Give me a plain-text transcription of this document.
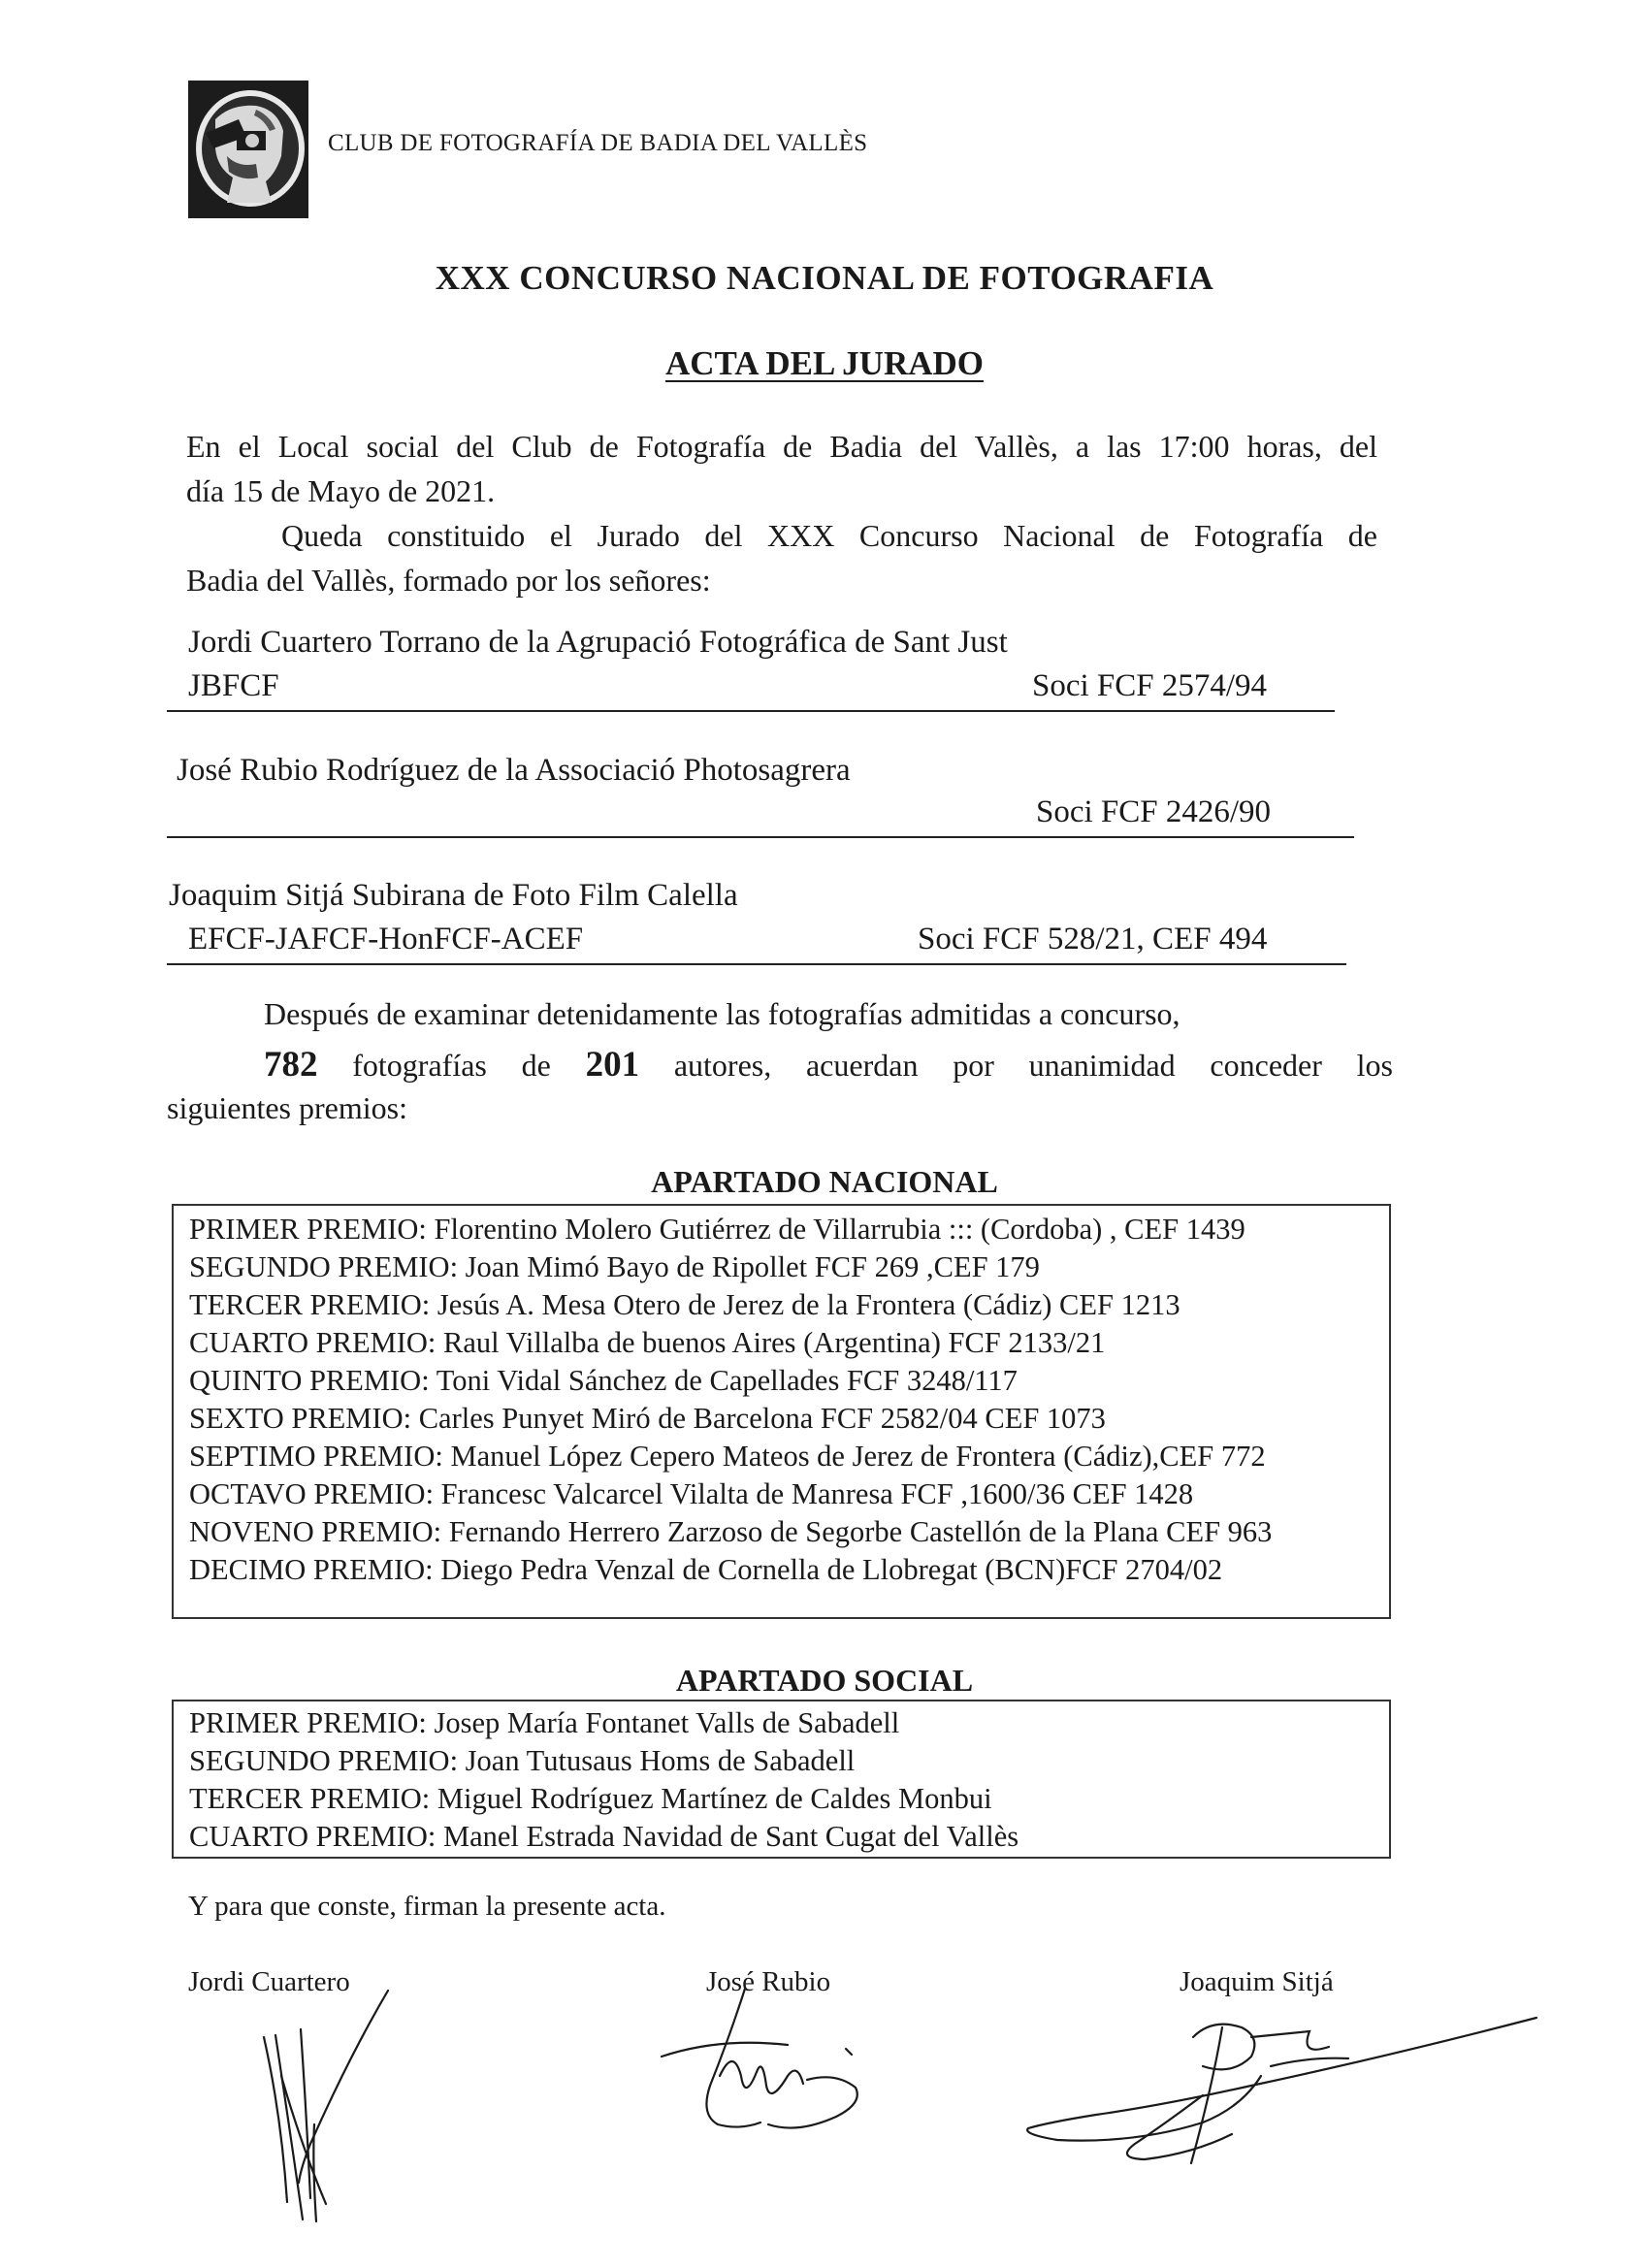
CLUB DE FOTOGRAFÍA DE BADIA DEL VALLÈS
XXX CONCURSO NACIONAL DE FOTOGRAFIA
ACTA DEL JURADO
En el Local social del Club de Fotografía de Badia del Vallès, a las 17:00 horas, del
día 15 de Mayo de 2021.
Queda constituido el Jurado del XXX Concurso Nacional de Fotografía de
Badia del Vallès, formado por los señores:
Jordi Cuartero Torrano de la Agrupació Fotográfica de Sant Just
JBFCF	Soci FCF 2574/94
José Rubio Rodríguez de la Associació Photosagrera
Soci FCF 2426/90
Joaquim Sitjá Subirana de Foto Film Calella
EFCF-JAFCF-HonFCF-ACEF	Soci FCF 528/21, CEF 494
Después de examinar detenidamente las fotografías admitidas a concurso,
782 fotografías de 201 autores, acuerdan por unanimidad conceder los
siguientes premios:
APARTADO NACIONAL
PRIMER PREMIO: Florentino Molero Gutiérrez de Villarrubia ::: (Cordoba) , CEF 1439
SEGUNDO PREMIO: Joan Mimó Bayo de Ripollet FCF 269 ,CEF 179
TERCER PREMIO: Jesús A. Mesa Otero de Jerez de la Frontera (Cádiz) CEF 1213
CUARTO PREMIO: Raul Villalba de buenos Aires (Argentina) FCF 2133/21
QUINTO PREMIO: Toni Vidal Sánchez de Capellades FCF 3248/117
SEXTO PREMIO: Carles Punyet Miró de Barcelona FCF 2582/04 CEF 1073
SEPTIMO PREMIO: Manuel López Cepero Mateos de Jerez de Frontera (Cádiz),CEF 772
OCTAVO PREMIO: Francesc Valcarcel Vilalta de Manresa FCF ,1600/36 CEF 1428
NOVENO PREMIO: Fernando Herrero Zarzoso de Segorbe Castellón de la Plana CEF 963
DECIMO PREMIO: Diego Pedra Venzal de Cornella de Llobregat (BCN)FCF 2704/02
APARTADO SOCIAL
PRIMER PREMIO: Josep María Fontanet Valls de Sabadell
SEGUNDO PREMIO: Joan Tutusaus Homs de Sabadell
TERCER PREMIO: Miguel Rodríguez Martínez de Caldes Monbui
CUARTO PREMIO: Manel Estrada Navidad de Sant Cugat del Vallès
Y para que conste, firman la presente acta.
Jordi Cuartero	José Rubio	Joaquim Sitjá
